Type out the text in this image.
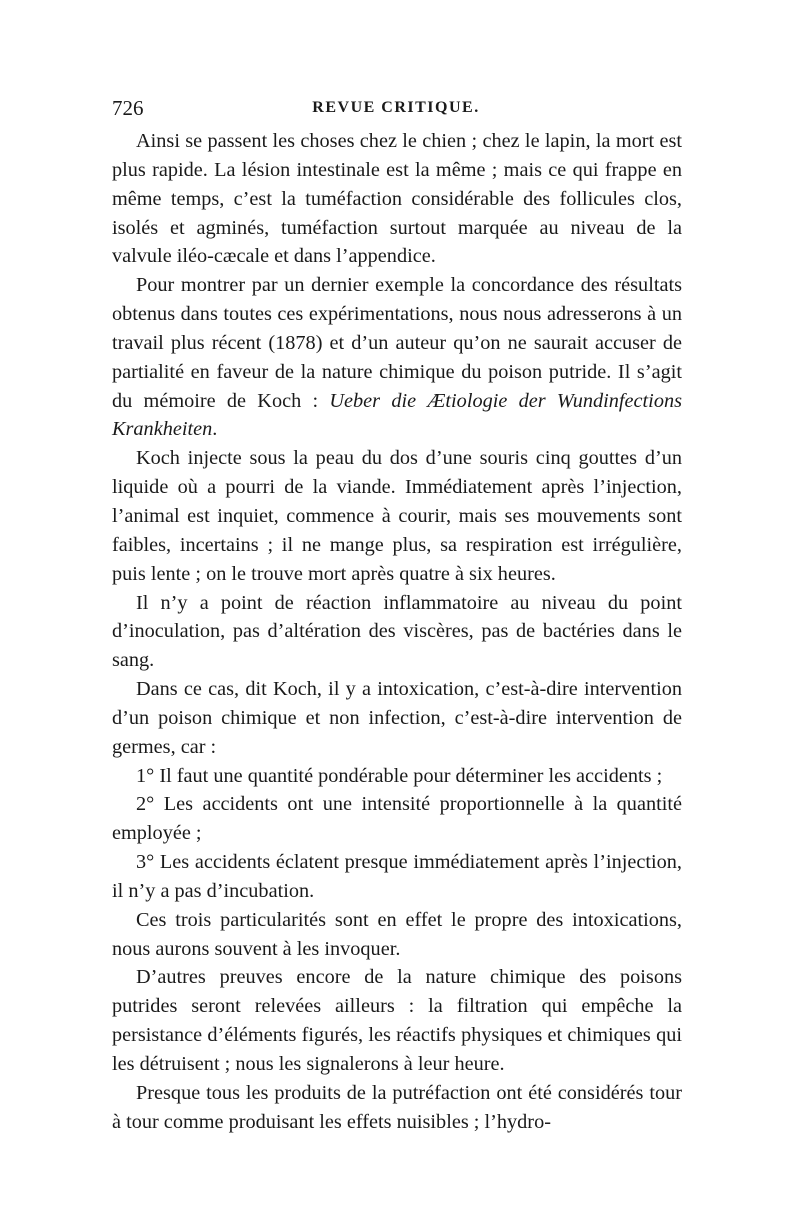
726	REVUE CRITIQUE.

Ainsi se passent les choses chez le chien ; chez le lapin, la mort est plus rapide. La lésion intestinale est la même ; mais ce qui frappe en même temps, c’est la tuméfaction considérable des follicules clos, isolés et agminés, tuméfaction surtout marquée au niveau de la valvule iléo-cæcale et dans l’appendice.

Pour montrer par un dernier exemple la concordance des résultats obtenus dans toutes ces expérimentations, nous nous adresserons à un travail plus récent (1878) et d’un auteur qu’on ne saurait accuser de partialité en faveur de la nature chimique du poison putride. Il s’agit du mémoire de Koch : Ueber die Ætiologie der Wundinfections Krankheiten.

Koch injecte sous la peau du dos d’une souris cinq gouttes d’un liquide où a pourri de la viande. Immédiatement après l’injection, l’animal est inquiet, commence à courir, mais ses mouvements sont faibles, incertains ; il ne mange plus, sa respiration est irrégulière, puis lente ; on le trouve mort après quatre à six heures.

Il n’y a point de réaction inflammatoire au niveau du point d’inoculation, pas d’altération des viscères, pas de bactéries dans le sang.

Dans ce cas, dit Koch, il y a intoxication, c’est-à-dire intervention d’un poison chimique et non infection, c’est-à-dire intervention de germes, car :

1° Il faut une quantité pondérable pour déterminer les accidents ;

2° Les accidents ont une intensité proportionnelle à la quantité employée ;

3° Les accidents éclatent presque immédiatement après l’injection, il n’y a pas d’incubation.

Ces trois particularités sont en effet le propre des intoxications, nous aurons souvent à les invoquer.

D’autres preuves encore de la nature chimique des poisons putrides seront relevées ailleurs : la filtration qui empêche la persistance d’éléments figurés, les réactifs physiques et chimiques qui les détruisent ; nous les signalerons à leur heure.

Presque tous les produits de la putréfaction ont été considérés tour à tour comme produisant les effets nuisibles ; l’hydro-
